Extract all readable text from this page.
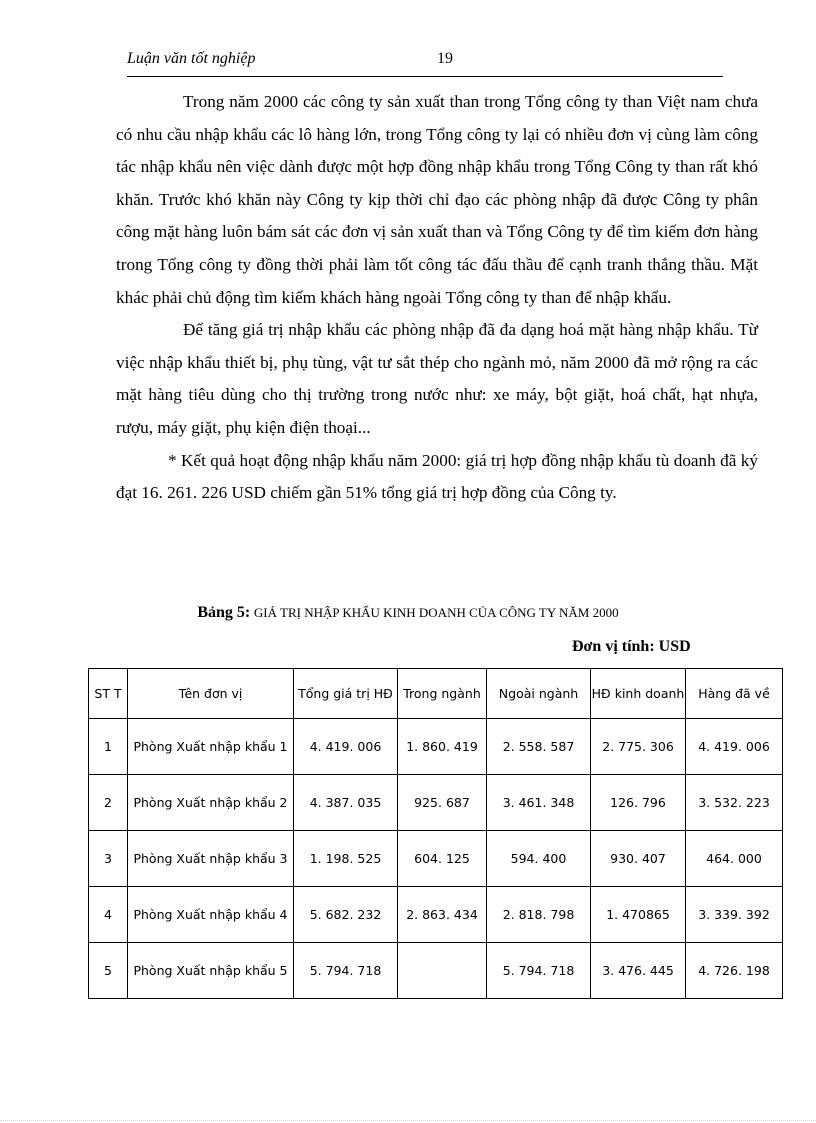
Luận văn tốt nghiệp	19

Trong năm 2000 các công ty sản xuất than trong Tổng công ty than Việt nam chưa có nhu cầu nhập khẩu các lô hàng lớn, trong Tổng công ty lại có nhiều đơn vị cùng làm công tác nhập khẩu nên việc dành được một hợp đồng nhập khẩu trong Tổng Công ty than rất khó khăn. Trước khó khăn này Công ty kịp thời chỉ đạo các phòng nhập đã được Công ty phân công mặt hàng luôn bám sát các đơn vị sản xuất than và Tổng Công ty để tìm kiếm đơn hàng trong Tổng công ty đồng thời phải làm tốt công tác đấu thầu để cạnh tranh thắng thầu. Mặt khác phải chủ động tìm kiếm khách hàng ngoài Tổng công ty than để nhập khẩu.

Để tăng giá trị nhập khẩu các phòng nhập đã đa dạng hoá mặt hàng nhập khẩu. Từ việc nhập khẩu thiết bị, phụ tùng, vật tư sắt thép cho ngành mỏ, năm 2000 đã mở rộng ra các mặt hàng tiêu dùng cho thị trường trong nước như: xe máy, bột giặt, hoá chất, hạt nhựa, rượu, máy giặt, phụ kiện điện thoại...

* Kết quả hoạt động nhập khẩu năm 2000: giá trị hợp đồng nhập khẩu tù doanh đã ký đạt 16. 261. 226 USD chiếm gần 51% tổng giá trị hợp đồng của Công ty.

Bảng 5: GIÁ TRỊ NHẬP KHẨU KINH DOANH CỦA CÔNG TY NĂM 2000
Đơn vị tính: USD
ST T	Tên đơn vị	Tổng giá trị HĐ	Trong ngành	Ngoài ngành	HĐ kinh doanh	Hàng đã về
1	Phòng Xuất nhập khẩu 1	4. 419. 006	1. 860. 419	2. 558. 587	2. 775. 306	4. 419. 006
2	Phòng Xuất nhập khẩu 2	4. 387. 035	925. 687	3. 461. 348	126. 796	3. 532. 223
3	Phòng Xuất nhập khẩu 3	1. 198. 525	604. 125	594. 400	930. 407	464. 000
4	Phòng Xuất nhập khẩu 4	5. 682. 232	2. 863. 434	2. 818. 798	1. 470865	3. 339. 392
5	Phòng Xuất nhập khẩu 5	5. 794. 718		5. 794. 718	3. 476. 445	4. 726. 198
